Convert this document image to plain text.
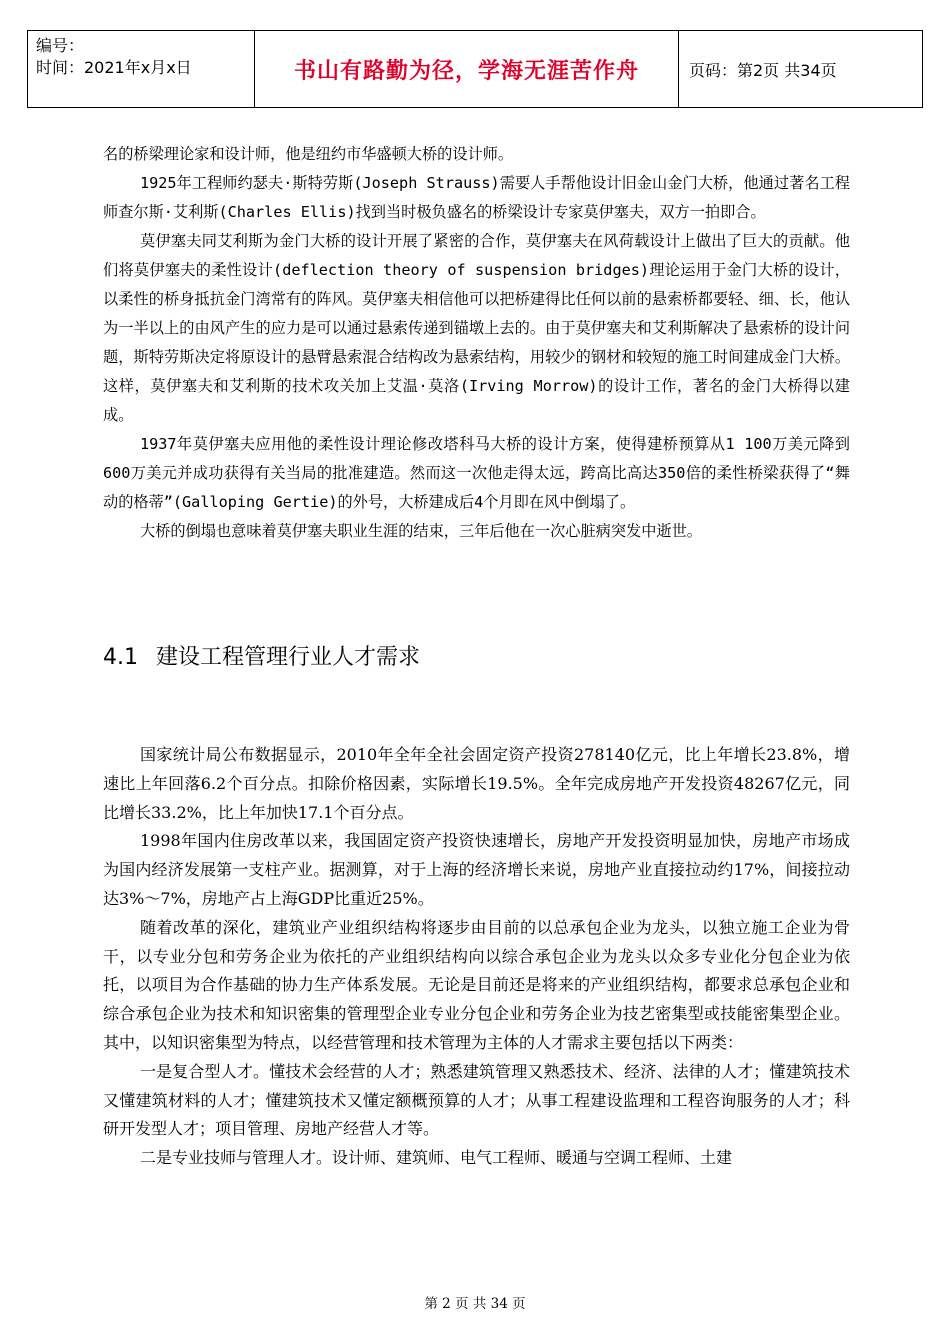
编号：
时间：2021年x月x日	书山有路勤为径，学海无涯苦作舟	页码：第2页 共34页

名的桥梁理论家和设计师，他是纽约市华盛顿大桥的设计师。

1925年工程师约瑟夫·斯特劳斯(Joseph Strauss)需要人手帮他设计旧金山金门大桥，他通过著名工程师查尔斯·艾利斯(Charles Ellis)找到当时极负盛名的桥梁设计专家莫伊塞夫，双方一拍即合。

莫伊塞夫同艾利斯为金门大桥的设计开展了紧密的合作，莫伊塞夫在风荷载设计上做出了巨大的贡献。他们将莫伊塞夫的柔性设计(deflection theory of suspension bridges)理论运用于金门大桥的设计，以柔性的桥身抵抗金门湾常有的阵风。莫伊塞夫相信他可以把桥建得比任何以前的悬索桥都要轻、细、长，他认为一半以上的由风产生的应力是可以通过悬索传递到锚墩上去的。由于莫伊塞夫和艾利斯解决了悬索桥的设计问题，斯特劳斯决定将原设计的悬臂悬索混合结构改为悬索结构，用较少的钢材和较短的施工时间建成金门大桥。这样，莫伊塞夫和艾利斯的技术攻关加上艾温·莫洛(Irving Morrow)的设计工作，著名的金门大桥得以建成。

1937年莫伊塞夫应用他的柔性设计理论修改塔科马大桥的设计方案，使得建桥预算从1 100万美元降到600万美元并成功获得有关当局的批准建造。然而这一次他走得太远，跨高比高达350倍的柔性桥梁获得了“舞动的格蒂”(Galloping Gertie)的外号，大桥建成后4个月即在风中倒塌了。

大桥的倒塌也意味着莫伊塞夫职业生涯的结束，三年后他在一次心脏病突发中逝世。

4.1 建设工程管理行业人才需求

国家统计局公布数据显示，2010年全年全社会固定资产投资278140亿元，比上年增长23.8%，增速比上年回落6.2个百分点。扣除价格因素，实际增长19.5%。全年完成房地产开发投资48267亿元，同比增长33.2%，比上年加快17.1个百分点。

1998年国内住房改革以来，我国固定资产投资快速增长，房地产开发投资明显加快，房地产市场成为国内经济发展第一支柱产业。据测算，对于上海的经济增长来说，房地产业直接拉动约17%，间接拉动达3%～7%，房地产占上海GDP比重近25%。

随着改革的深化，建筑业产业组织结构将逐步由目前的以总承包企业为龙头，以独立施工企业为骨干，以专业分包和劳务企业为依托的产业组织结构向以综合承包企业为龙头以众多专业化分包企业为依托，以项目为合作基础的协力生产体系发展。无论是目前还是将来的产业组织结构，都要求总承包企业和综合承包企业为技术和知识密集的管理型企业专业分包企业和劳务企业为技艺密集型或技能密集型企业。其中，以知识密集型为特点，以经营管理和技术管理为主体的人才需求主要包括以下两类：

一是复合型人才。懂技术会经营的人才；熟悉建筑管理又熟悉技术、经济、法律的人才；懂建筑技术又懂建筑材料的人才；懂建筑技术又懂定额概预算的人才；从事工程建设监理和工程咨询服务的人才；科研开发型人才；项目管理、房地产经营人才等。

二是专业技师与管理人才。设计师、建筑师、电气工程师、暖通与空调工程师、土建

第 2 页 共 34 页
